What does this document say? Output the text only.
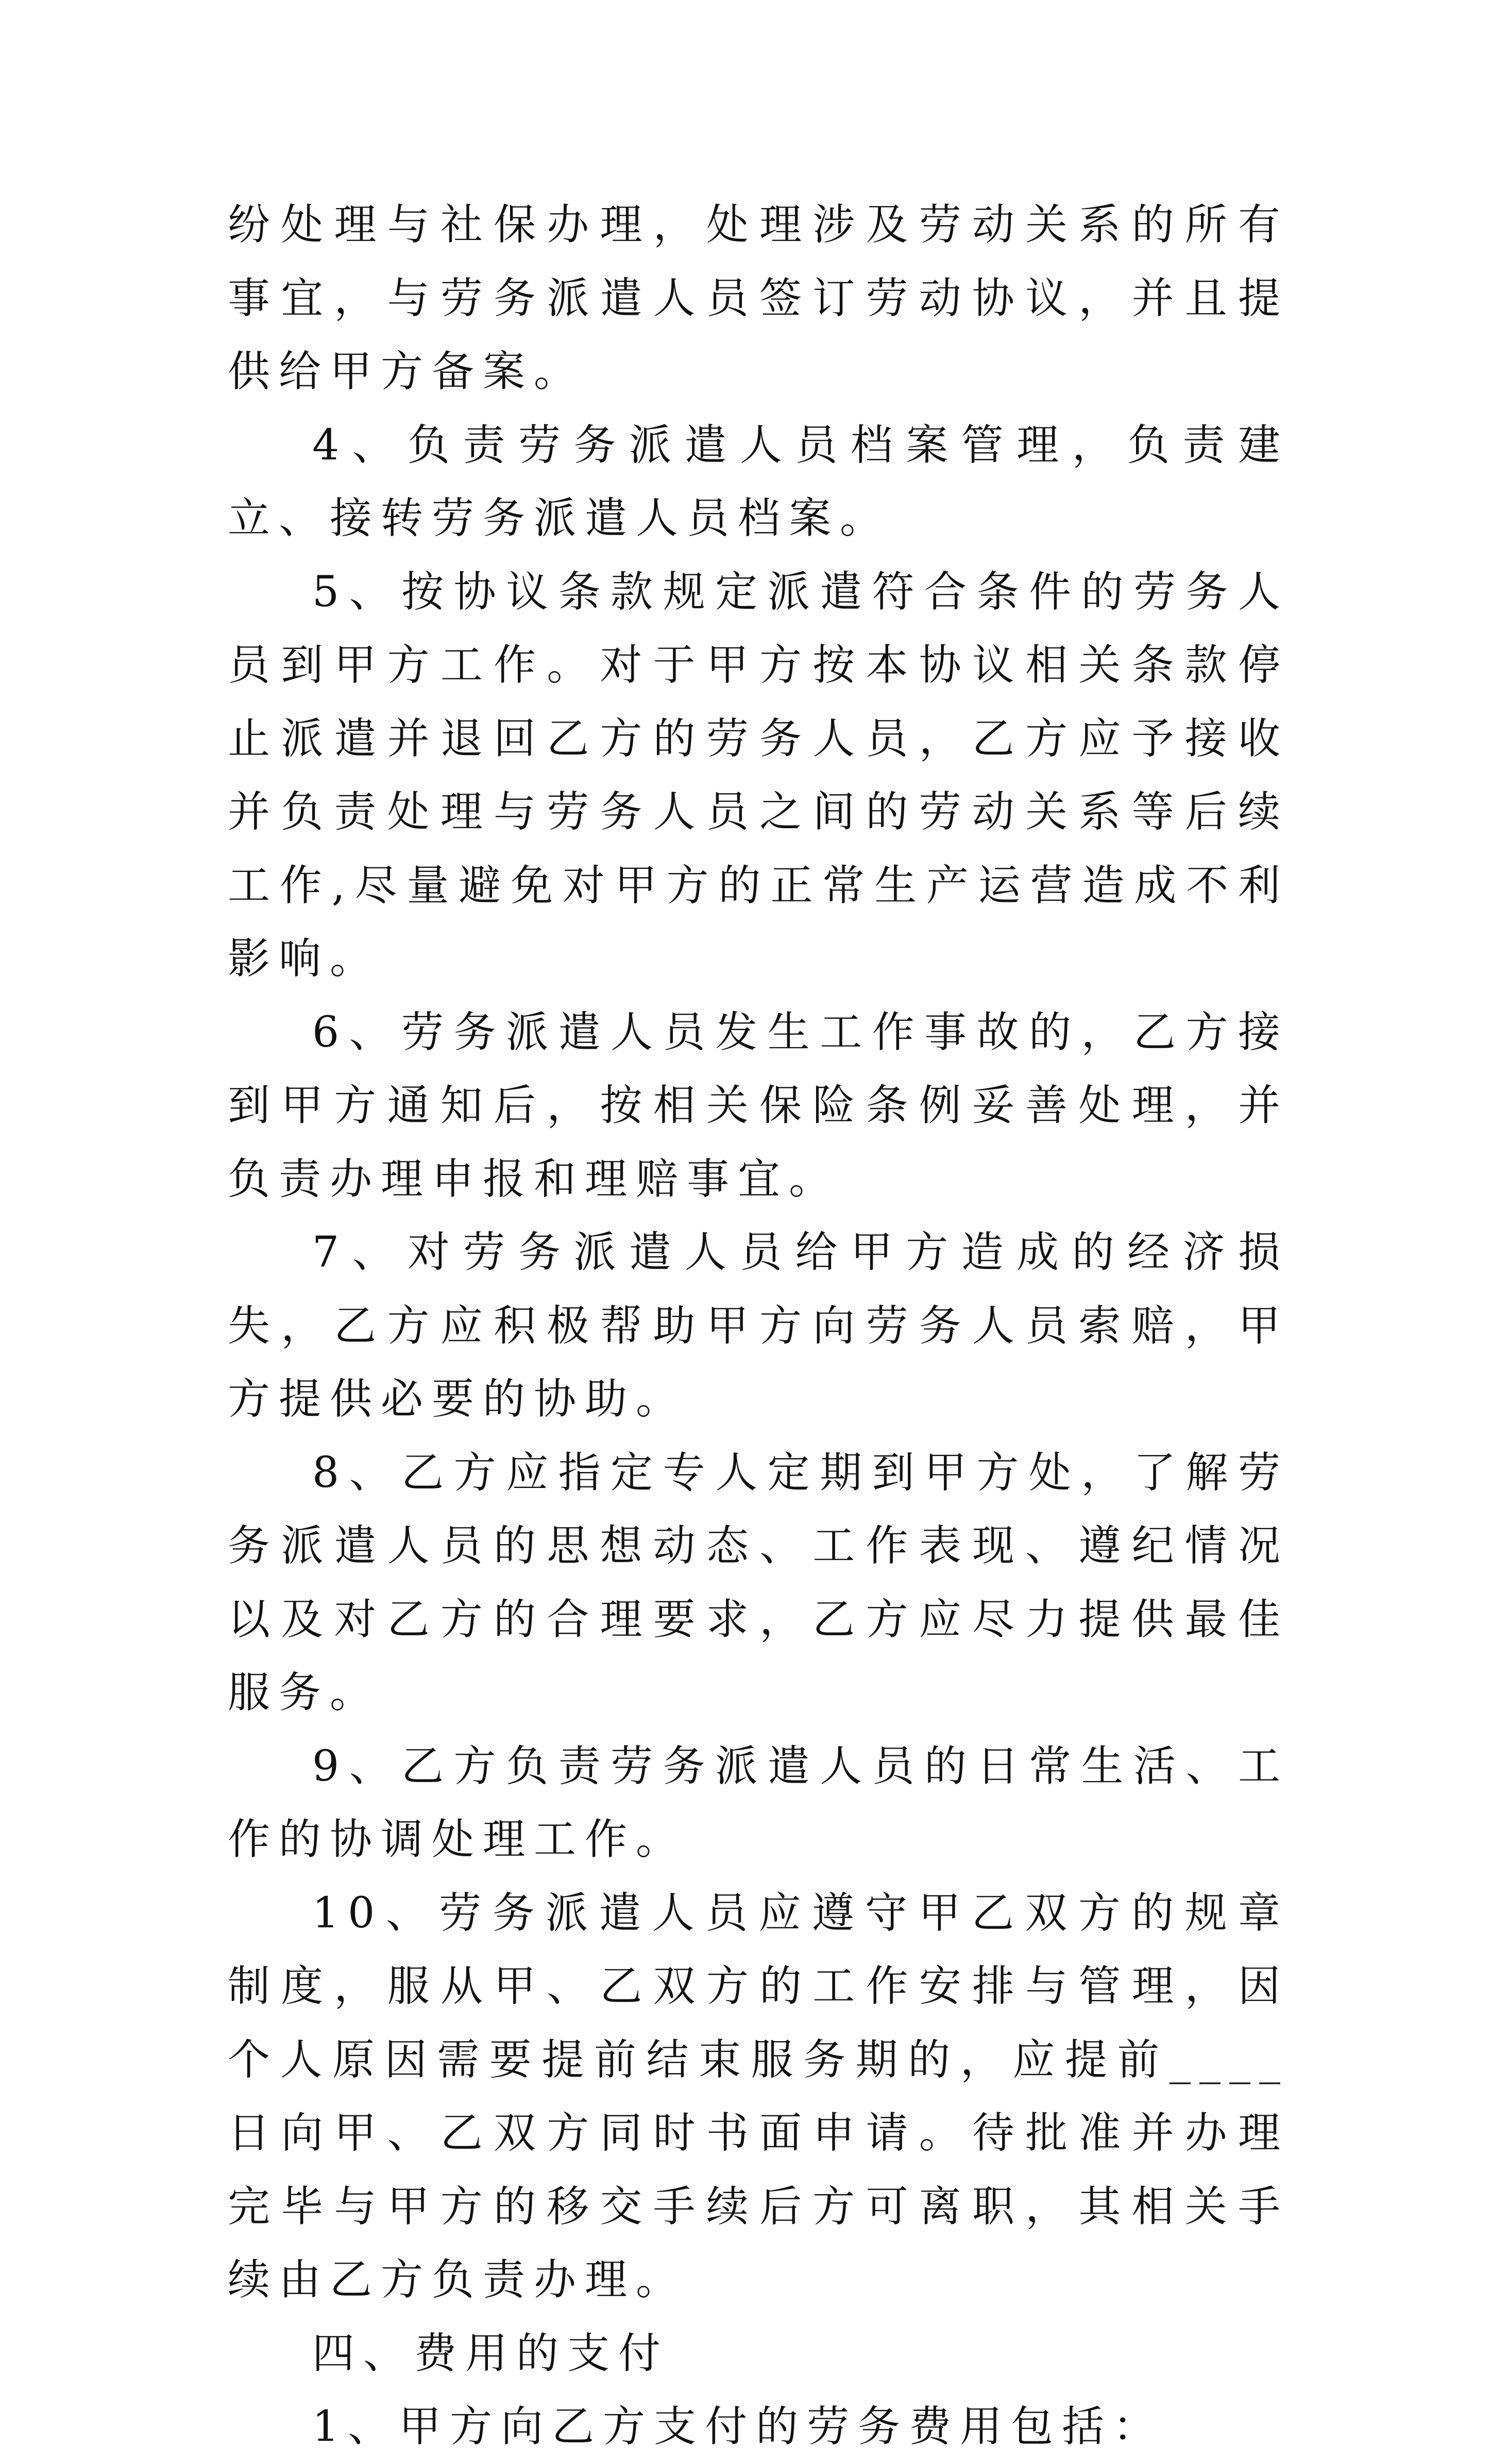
纷处理与社保办理，处理涉及劳动关系的所有事宜，与劳务派遣人员签订劳动协议，并且提供给甲方备案。

4、负责劳务派遣人员档案管理，负责建立、接转劳务派遣人员档案。

5、按协议条款规定派遣符合条件的劳务人员到甲方工作。对于甲方按本协议相关条款停止派遣并退回乙方的劳务人员，乙方应予接收并负责处理与劳务人员之间的劳动关系等后续工作,尽量避免对甲方的正常生产运营造成不利影响。

6、劳务派遣人员发生工作事故的，乙方接到甲方通知后，按相关保险条例妥善处理，并负责办理申报和理赔事宜。

7、对劳务派遣人员给甲方造成的经济损失，乙方应积极帮助甲方向劳务人员索赔，甲方提供必要的协助。

8、乙方应指定专人定期到甲方处，了解劳务派遣人员的思想动态、工作表现、遵纪情况以及对乙方的合理要求，乙方应尽力提供最佳服务。

9、乙方负责劳务派遣人员的日常生活、工作的协调处理工作。

10、劳务派遣人员应遵守甲乙双方的规章制度，服从甲、乙双方的工作安排与管理，因个人原因需要提前结束服务期的，应提前____日向甲、乙双方同时书面申请。待批准并办理完毕与甲方的移交手续后方可离职，其相关手续由乙方负责办理。

四、费用的支付

1、甲方向乙方支付的劳务费用包括：
